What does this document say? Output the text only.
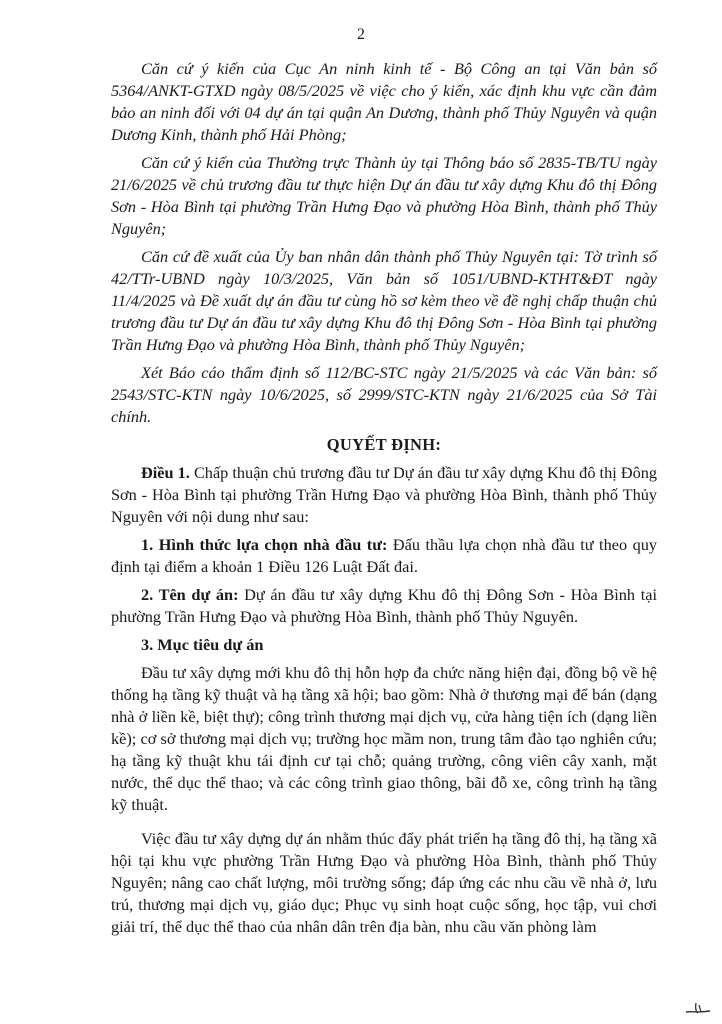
2

Căn cứ ý kiến của Cục An ninh kinh tế - Bộ Công an tại Văn bản số 5364/ANKT-GTXD ngày 08/5/2025 về việc cho ý kiến, xác định khu vực cần đảm bảo an ninh đối với 04 dự án tại quận An Dương, thành phố Thủy Nguyên và quận Dương Kinh, thành phố Hải Phòng;

Căn cứ ý kiến của Thường trực Thành ủy tại Thông báo số 2835-TB/TU ngày 21/6/2025 về chủ trương đầu tư thực hiện Dự án đầu tư xây dựng Khu đô thị Đông Sơn - Hòa Bình tại phường Trần Hưng Đạo và phường Hòa Bình, thành phố Thủy Nguyên;

Căn cứ đề xuất của Ủy ban nhân dân thành phố Thủy Nguyên tại: Tờ trình số 42/TTr-UBND ngày 10/3/2025, Văn bản số 1051/UBND-KTHT&ĐT ngày 11/4/2025 và Đề xuất dự án đầu tư cùng hồ sơ kèm theo về đề nghị chấp thuận chủ trương đầu tư Dự án đầu tư xây dựng Khu đô thị Đông Sơn - Hòa Bình tại phường Trần Hưng Đạo và phường Hòa Bình, thành phố Thủy Nguyên;

Xét Báo cáo thẩm định số 112/BC-STC ngày 21/5/2025 và các Văn bản: số 2543/STC-KTN ngày 10/6/2025, số 2999/STC-KTN ngày 21/6/2025 của Sở Tài chính.

QUYẾT ĐỊNH:

Điều 1. Chấp thuận chủ trương đầu tư Dự án đầu tư xây dựng Khu đô thị Đông Sơn - Hòa Bình tại phường Trần Hưng Đạo và phường Hòa Bình, thành phố Thủy Nguyên với nội dung như sau:

1. Hình thức lựa chọn nhà đầu tư: Đấu thầu lựa chọn nhà đầu tư theo quy định tại điểm a khoản 1 Điều 126 Luật Đất đai.

2. Tên dự án: Dự án đầu tư xây dựng Khu đô thị Đông Sơn - Hòa Bình tại phường Trần Hưng Đạo và phường Hòa Bình, thành phố Thủy Nguyên.

3. Mục tiêu dự án

Đầu tư xây dựng mới khu đô thị hỗn hợp đa chức năng hiện đại, đồng bộ về hệ thống hạ tầng kỹ thuật và hạ tầng xã hội; bao gồm: Nhà ở thương mại để bán (dạng nhà ở liền kề, biệt thự); công trình thương mại dịch vụ, cửa hàng tiện ích (dạng liền kề); cơ sở thương mại dịch vụ; trường học mầm non, trung tâm đào tạo nghiên cứu; hạ tầng kỹ thuật khu tái định cư tại chỗ; quảng trường, công viên cây xanh, mặt nước, thể dục thể thao; và các công trình giao thông, bãi đỗ xe, công trình hạ tầng kỹ thuật.

Việc đầu tư xây dựng dự án nhằm thúc đẩy phát triển hạ tầng đô thị, hạ tầng xã hội tại khu vực phường Trần Hưng Đạo và phường Hòa Bình, thành phố Thủy Nguyên; nâng cao chất lượng, môi trường sống; đáp ứng các nhu cầu về nhà ở, lưu trú, thương mại dịch vụ, giáo dục; Phục vụ sinh hoạt cuộc sống, học tập, vui chơi giải trí, thể dục thể thao của nhân dân trên địa bàn, nhu cầu văn phòng làm
